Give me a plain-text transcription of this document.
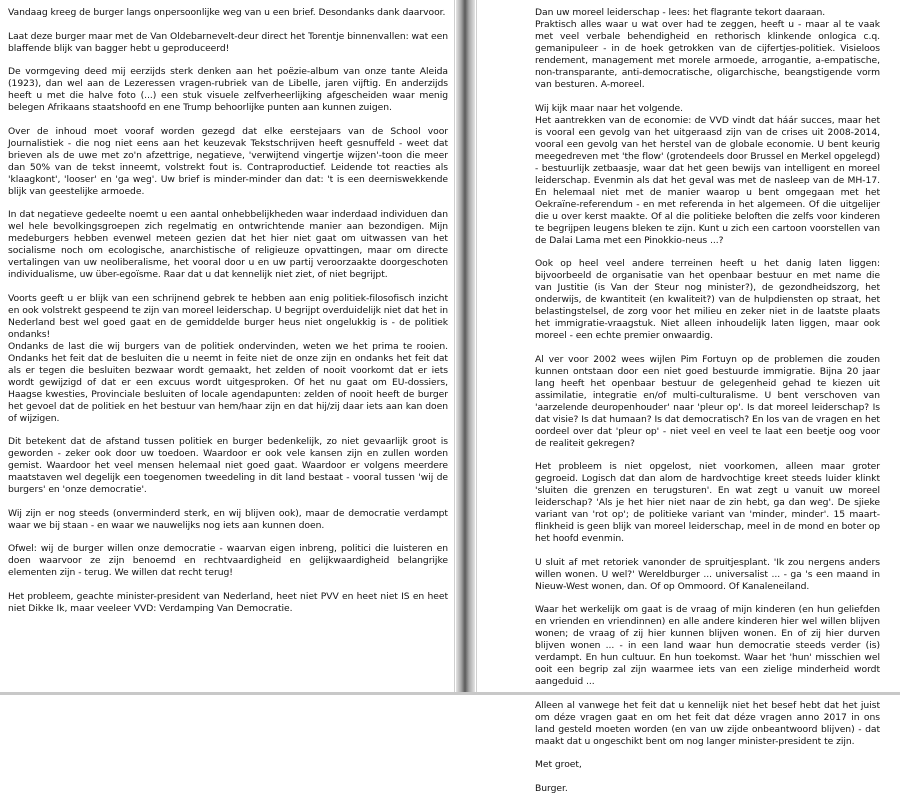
Vandaag kreeg de burger langs onpersoonlijke weg van u een brief. Desondanks dank daarvoor.

Laat deze burger maar met de Van Oldebarnevelt-deur direct het Torentje binnenvallen: wat een blaffende blijk van bagger hebt u geproduceerd!

De vormgeving deed mij eerzijds sterk denken aan het poëzie-album van onze tante Aleida (1923), dan wel aan de Lezeressen vragen-rubriek van de Libelle, jaren vijftig. En anderzijds heeft u met die halve foto (...) een stuk visuele zelfverheerlijking afgescheiden waar menig belegen Afrikaans staatshoofd en ene Trump behoorlijke punten aan kunnen zuigen.

Over de inhoud moet vooraf worden gezegd dat elke eerstejaars van de School voor Journalistiek - die nog niet eens aan het keuzevak Tekstschrijven heeft gesnuffeld - weet dat brieven als de uwe met zo'n afzettrige, negatieve, 'verwijtend vingertje wijzen'-toon die meer dan 50% van de tekst inneemt, volstrekt fout is. Contraproductief. Leidende tot reacties als 'klaagkont', 'looser' en 'ga weg'. Uw brief is minder-minder dan dat: 't is een deerniswekkende blijk van geestelijke armoede.

In dat negatieve gedeelte noemt u een aantal onhebbelijkheden waar inderdaad individuen dan wel hele bevolkingsgroepen zich regelmatig en ontwrichtende manier aan bezondigen. Mijn medeburgers hebben evenwel meteen gezien dat het hier niet gaat om uitwassen van het socialisme noch om ecologische, anarchistische of religieuze opvattingen, maar om directe vertalingen van uw neoliberalisme, het vooral door u en uw partij veroorzaakte doorgeschoten individualisme, uw über-egoïsme. Raar dat u dat kennelijk niet ziet, of niet begrijpt.

Voorts geeft u er blijk van een schrijnend gebrek te hebben aan enig politiek-filosofisch inzicht en ook volstrekt gespeend te zijn van moreel leiderschap. U begrijpt overduidelijk niet dat het in Nederland best wel goed gaat en de gemiddelde burger heus niet ongelukkig is - de politiek ondanks!
Ondanks de last die wij burgers van de politiek ondervinden, weten we het prima te rooien. Ondanks het feit dat de besluiten die u neemt in feite niet de onze zijn en ondanks het feit dat als er tegen die besluiten bezwaar wordt gemaakt, het zelden of nooit voorkomt dat er iets wordt gewijzigd of dat er een excuus wordt uitgesproken. Of het nu gaat om EU-dossiers, Haagse kwesties, Provinciale besluiten of locale agendapunten: zelden of nooit heeft de burger het gevoel dat de politiek en het bestuur van hem/haar zijn en dat hij/zij daar iets aan kan doen of wijzigen.

Dit betekent dat de afstand tussen politiek en burger bedenkelijk, zo niet gevaarlijk groot is geworden - zeker ook door uw toedoen. Waardoor er ook vele kansen zijn en zullen worden gemist. Waardoor het veel mensen helemaal niet goed gaat. Waardoor er volgens meerdere maatstaven wel degelijk een toegenomen tweedeling in dit land bestaat - vooral tussen 'wij de burgers' en 'onze democratie'.

Wij zijn er nog steeds (onverminderd sterk, en wij blijven ook), maar de democratie verdampt waar we bij staan - en waar we nauwelijks nog iets aan kunnen doen.

Ofwel: wij de burger willen onze democratie - waarvan eigen inbreng, politici die luisteren en doen waarvoor ze zijn benoemd en rechtvaardigheid en gelijkwaardigheid belangrijke elementen zijn - terug. We willen dat recht terug!

Het probleem, geachte minister-president van Nederland, heet niet PVV en heet niet IS en heet niet Dikke Ik, maar veeleer VVD: Verdamping Van Democratie.

Dan uw moreel leiderschap - lees: het flagrante tekort daaraan.
Praktisch alles waar u wat over had te zeggen, heeft u - maar al te vaak met veel verbale behendigheid en rethorisch klinkende onlogica c.q. gemanipuleer - in de hoek getrokken van de cijfertjes-politiek. Visieloos rendement, management met morele armoede, arrogantie, a-empatische, non-transparante, anti-democratische, oligarchische, beangstigende vorm van besturen. A-moreel.

Wij kijk maar naar het volgende.

Het aantrekken van de economie: de VVD vindt dat háár succes, maar het is vooral een gevolg van het uitgeraasd zijn van de crises uit 2008-2014, vooral een gevolg van het herstel van de globale economie. U bent keurig meegedreven met 'the flow' (grotendeels door Brussel en Merkel opgelegd) - bestuurlijk zetbaasje, waar dat het geen bewijs van intelligent en moreel leiderschap. Evenmin als dat het geval was met de nasleep van de MH-17. En helemaal niet met de manier waarop u bent omgegaan met het Oekraïne-referendum - en met referenda in het algemeen. Of die uitgelijer die u over kerst maakte. Of al die politieke beloften die zelfs voor kinderen te begrijpen leugens bleken te zijn. Kunt u zich een cartoon voorstellen van de Dalai Lama met een Pinokkio-neus ...?

Ook op heel veel andere terreinen heeft u het danig laten liggen: bijvoorbeeld de organisatie van het openbaar bestuur en met name die van Justitie (is Van der Steur nog minister?), de gezondheidszorg, het onderwijs, de kwantiteit (en kwaliteit?) van de hulpdiensten op straat, het belastingstelsel, de zorg voor het milieu en zeker niet in de laatste plaats het immigratie-vraagstuk. Niet alleen inhoudelijk laten liggen, maar ook moreel - een echte premier onwaardig.

Al ver voor 2002 wees wijlen Pim Fortuyn op de problemen die zouden kunnen ontstaan door een niet goed bestuurde immigratie. Bijna 20 jaar lang heeft het openbaar bestuur de gelegenheid gehad te kiezen uit assimilatie, integratie en/of multi-culturalisme. U bent verschoven van 'aarzelende deuropenhouder' naar 'pleur op'. Is dat moreel leiderschap? Is dat visie? Is dat humaan? Is dat democratisch? En los van de vragen en het oordeel over dat 'pleur op' - niet veel en veel te laat een beetje oog voor de realiteit gekregen?

Het probleem is niet opgelost, niet voorkomen, alleen maar groter gegroeid. Logisch dat dan alom de hardvochtige kreet steeds luider klinkt 'sluiten die grenzen en terugsturen'. En wat zegt u vanuit uw moreel leiderschap? 'Als je het hier niet naar de zin hebt, ga dan weg'. De sjieke variant van 'rot op'; de politieke variant van 'minder, minder'. 15 maart-flinkheid is geen blijk van moreel leiderschap, meel in de mond en boter op het hoofd evenmin.

U sluit af met retoriek vanonder de spruitjesplant. 'Ik zou nergens anders willen wonen. U wel?' Wereldburger ... universalist ... - ga 's een maand in Nieuw-West wonen, dan. Of op Ommoord. Of Kanaleneiland.

Waar het werkelijk om gaat is de vraag of mijn kinderen (en hun geliefden en vrienden en vriendinnen) en alle andere kinderen hier wel willen blijven wonen; de vraag of zij hier kunnen blijven wonen. En of zij hier durven blijven wonen ... - in een land waar hun democratie steeds verder (is) verdampt. En hun cultuur. En hun toekomst. Waar het 'hun' misschien wel ooit een begrip zal zijn waarmee iets van een zielige minderheid wordt aangeduid ...

Alleen al vanwege het feit dat u kennelijk niet het besef hebt dat het juist om déze vragen gaat en om het feit dat déze vragen anno 2017 in ons land gesteld moeten worden (en van uw zijde onbeantwoord blijven) - dat maakt dat u ongeschikt bent om nog langer minister-president te zijn.

Met groet,

Burger.
